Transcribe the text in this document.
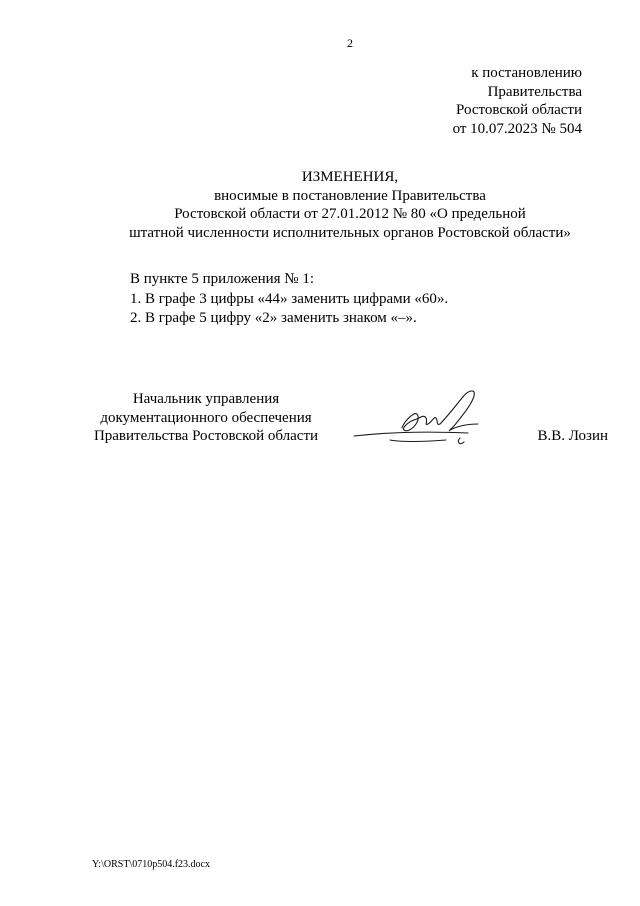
2
к постановлению
Правительства
Ростовской области
от 10.07.2023 № 504
ИЗМЕНЕНИЯ,
вносимые в постановление Правительства
Ростовской области от 27.01.2012 № 80 «О предельной
штатной численности исполнительных органов Ростовской области»
В пункте 5 приложения № 1:
1. В графе 3 цифры «44» заменить цифрами «60».
2. В графе 5 цифру «2» заменить знаком «–».
Начальник управления
документационного обеспечения
Правительства Ростовской области	В.В. Лозин
Y:\ORST\0710p504.f23.docx
